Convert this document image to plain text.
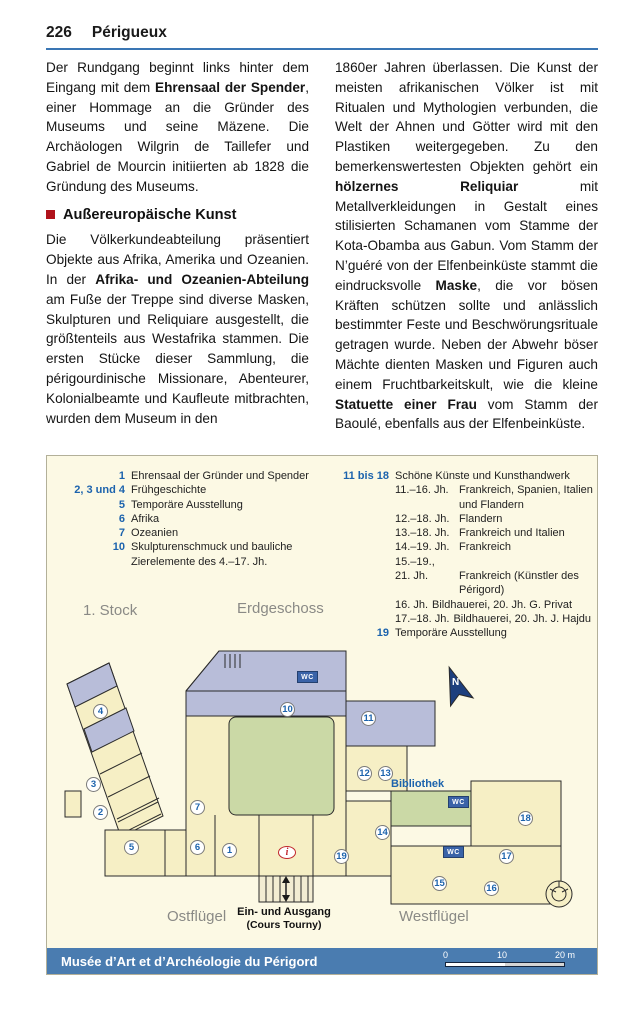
226 Périgueux

Der Rundgang beginnt links hinter dem Eingang mit dem Ehrensaal der Spender, einer Hommage an die Gründer des Museums und seine Mäzene. Die Archäologen Wilgrin de Taillefer und Gabriel de Mourcin initiierten ab 1828 die Gründung des Museums.

Außereuropäische Kunst

Die Völkerkundeabteilung präsentiert Objekte aus Afrika, Amerika und Ozeanien. In der Afrika- und Ozeanien-Abteilung am Fuße der Treppe sind diverse Masken, Skulpturen und Reliquiare ausgestellt, die größtenteils aus Westafrika stammen. Die ersten Stücke dieser Sammlung, die périgourdinische Missionare, Abenteurer, Kolonialbeamte und Kaufleute mitbrachten, wurden dem Museum in den

1860er Jahren überlassen. Die Kunst der meisten afrikanischen Völker ist mit Ritualen und Mythologien verbunden, die Welt der Ahnen und Götter wird mit den Plastiken weitergegeben. Zu den bemerkenswertesten Objekten gehört ein hölzernes Reliquiar mit Metallverkleidungen in Gestalt eines stilisierten Schamanen vom Stamme der Kota-Obamba aus Gabun. Vom Stamm der N’guéré von der Elfenbeinküste stammt die eindrucksvolle Maske, die vor bösen Kräften schützen sollte und anlässlich bestimmter Feste und Beschwörungsrituale getragen wurde. Neben der Abwehr böser Mächte dienten Masken und Figuren auch einem Fruchtbarkeitskult, wie die kleine Statuette einer Frau vom Stamm der Baoulé, ebenfalls aus der Elfenbeinküste.

1 Ehrensaal der Gründer und Spender
2, 3 und 4 Frühgeschichte
5 Temporäre Ausstellung
6 Afrika
7 Ozeanien
10 Skulpturenschmuck und bauliche Zierelemente des 4.–17. Jh.
11 bis 18 Schöne Künste und Kunsthandwerk
11.–16. Jh. Frankreich, Spanien, Italien und Flandern
12.–18. Jh. Flandern
13.–18. Jh. Frankreich und Italien
14.–19. Jh. Frankreich
15.–19.,
21. Jh.	Frankreich (Künstler des Périgord)
16. Jh. Bildhauerei, 20. Jh. G. Privat
17.–18. Jh. Bildhauerei, 20. Jh. J. Hajdu
19 Temporäre Ausstellung
1. Stock	Erdgeschoss
Ostflügel	Westflügel
Ein- und Ausgang
(Cours Tourny)
Bibliothek
N
4
3
2
5	6
7
1
10
11
12 13
14
19
15	16
17
18
i
WC
WC
WC
Musée d’Art et d’Archéologie du Périgord	0	10	20 m
